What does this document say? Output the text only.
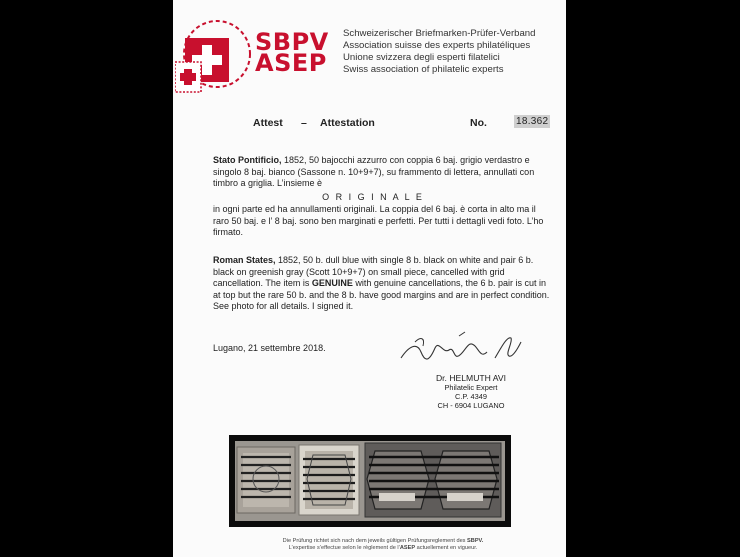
SBPV
ASEP
Schweizerischer Briefmarken-Prüfer-Verband
Association suisse des experts philatéliques
Unione svizzera degli esperti filatelici
Swiss association of philatelic experts
Attest – Attestation	No.	18.362
Stato Pontificio, 1852, 50 bajocchi azzurro con coppia 6 baj. grigio verdastro e singolo 8 baj. bianco (Sassone n. 10+9+7), su frammento di lettera, annullati con timbro a griglia. L’insieme è
O R I G I N A L E
in ogni parte ed ha annullamenti originali. La coppia del 6 baj. è corta in alto ma il raro 50 baj. e l’ 8 baj. sono ben marginati e perfetti. Per tutti i dettagli vedi foto. L’ho firmato.
Roman States, 1852, 50 b. dull blue with single 8 b. black on white and pair 6 b. black on greenish gray (Scott 10+9+7) on small piece, cancelled with grid cancellation. The item is GENUINE with genuine cancellations, the 6 b. pair is cut in at top but the rare 50 b. and the 8 b. have good margins and are in perfect condition. See photo for all details. I signed it.
Lugano, 21 settembre 2018.
Dr. HELMUTH AVI
Philatelic Expert
C.P. 4349
CH - 6904 LUGANO
Die Prüfung richtet sich nach dem jeweils gültigen Prüfungsreglement des SBPV.
L’expertise s’effectue selon le règlement de l’ASEP actuellement en vigueur.
